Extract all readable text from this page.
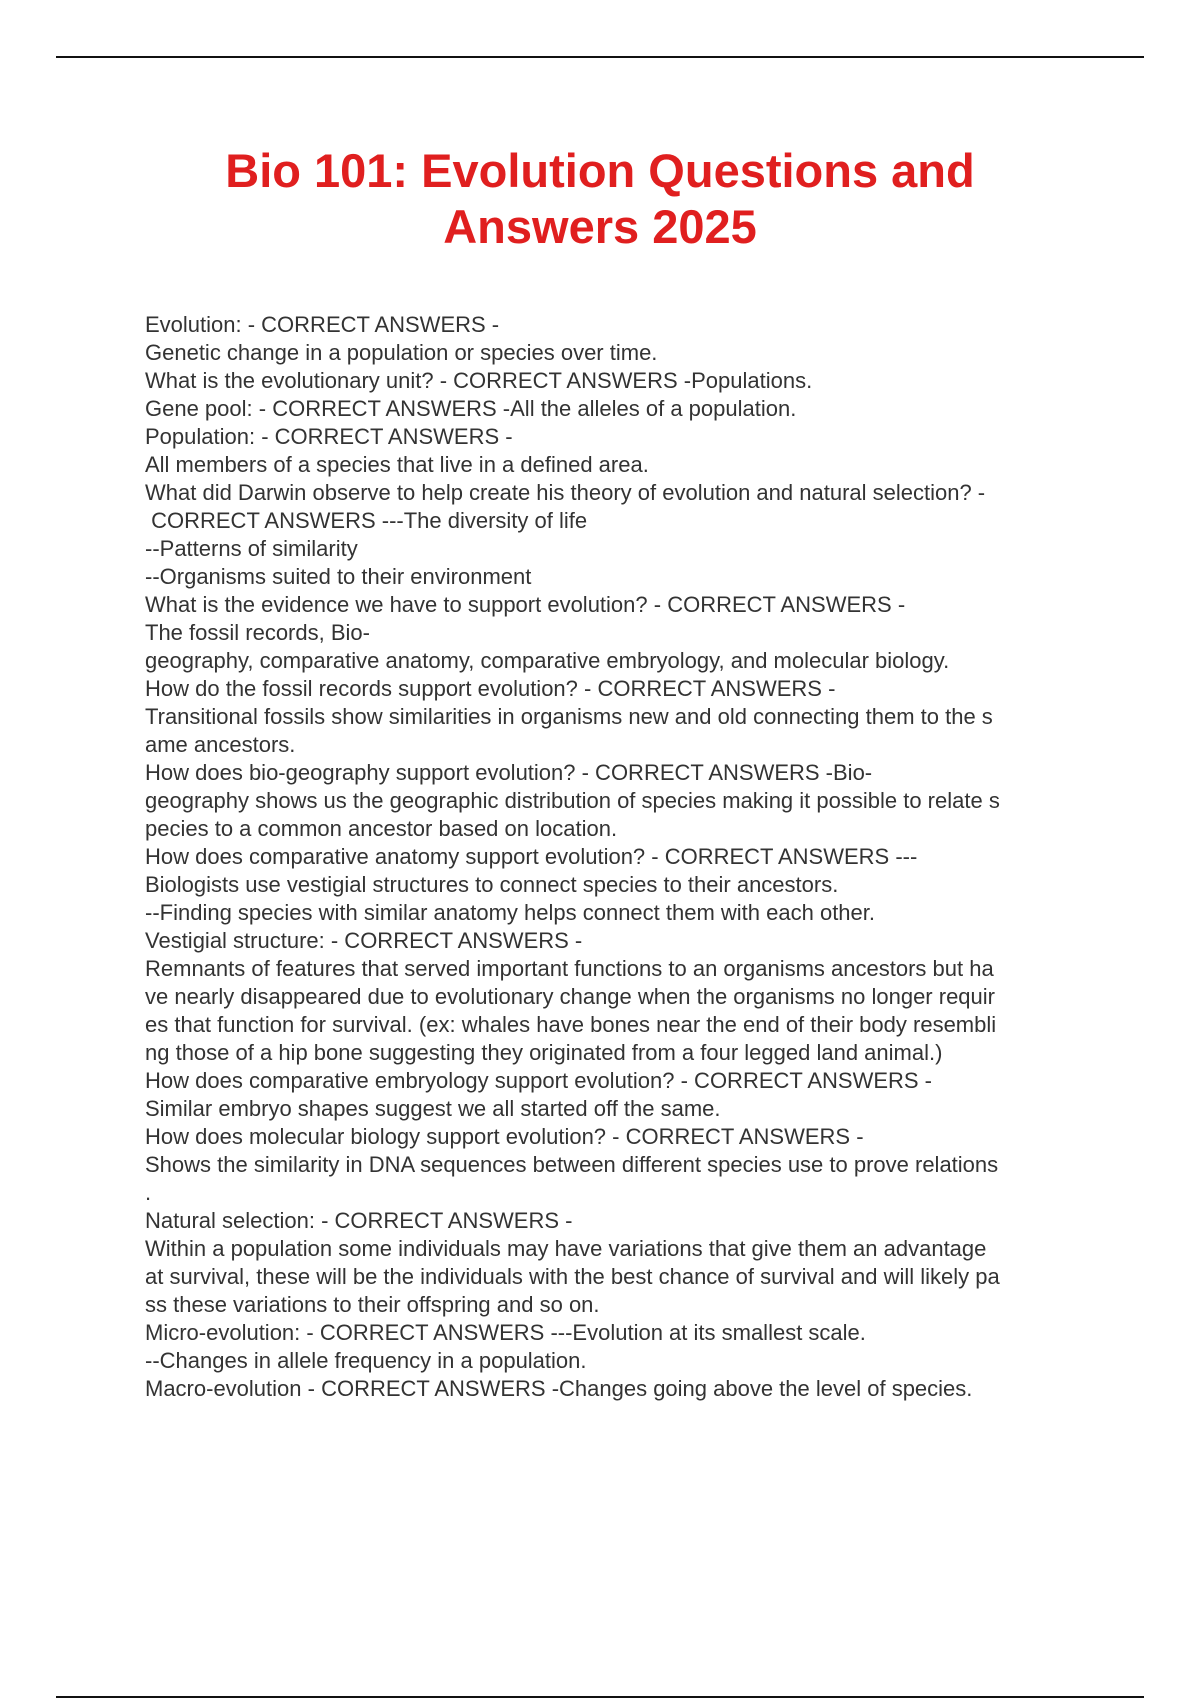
Bio 101: Evolution Questions and
Answers 2025
Evolution: - CORRECT ANSWERS -
Genetic change in a population or species over time.
What is the evolutionary unit? - CORRECT ANSWERS -Populations.
Gene pool: - CORRECT ANSWERS -All the alleles of a population.
Population: - CORRECT ANSWERS -
All members of a species that live in a defined area.
What did Darwin observe to help create his theory of evolution and natural selection? -
CORRECT ANSWERS ---The diversity of life
--Patterns of similarity
--Organisms suited to their environment
What is the evidence we have to support evolution? - CORRECT ANSWERS -
The fossil records, Bio-
geography, comparative anatomy, comparative embryology, and molecular biology.
How do the fossil records support evolution? - CORRECT ANSWERS -
Transitional fossils show similarities in organisms new and old connecting them to the s
ame ancestors.
How does bio-geography support evolution? - CORRECT ANSWERS -Bio-
geography shows us the geographic distribution of species making it possible to relate s
pecies to a common ancestor based on location.
How does comparative anatomy support evolution? - CORRECT ANSWERS ---
Biologists use vestigial structures to connect species to their ancestors.
--Finding species with similar anatomy helps connect them with each other.
Vestigial structure: - CORRECT ANSWERS -
Remnants of features that served important functions to an organisms ancestors but ha
ve nearly disappeared due to evolutionary change when the organisms no longer requir
es that function for survival. (ex: whales have bones near the end of their body resembli
ng those of a hip bone suggesting they originated from a four legged land animal.)
How does comparative embryology support evolution? - CORRECT ANSWERS -
Similar embryo shapes suggest we all started off the same.
How does molecular biology support evolution? - CORRECT ANSWERS -
Shows the similarity in DNA sequences between different species use to prove relations
.
Natural selection: - CORRECT ANSWERS -
Within a population some individuals may have variations that give them an advantage
at survival, these will be the individuals with the best chance of survival and will likely pa
ss these variations to their offspring and so on.
Micro-evolution: - CORRECT ANSWERS ---Evolution at its smallest scale.
--Changes in allele frequency in a population.
Macro-evolution - CORRECT ANSWERS -Changes going above the level of species.
